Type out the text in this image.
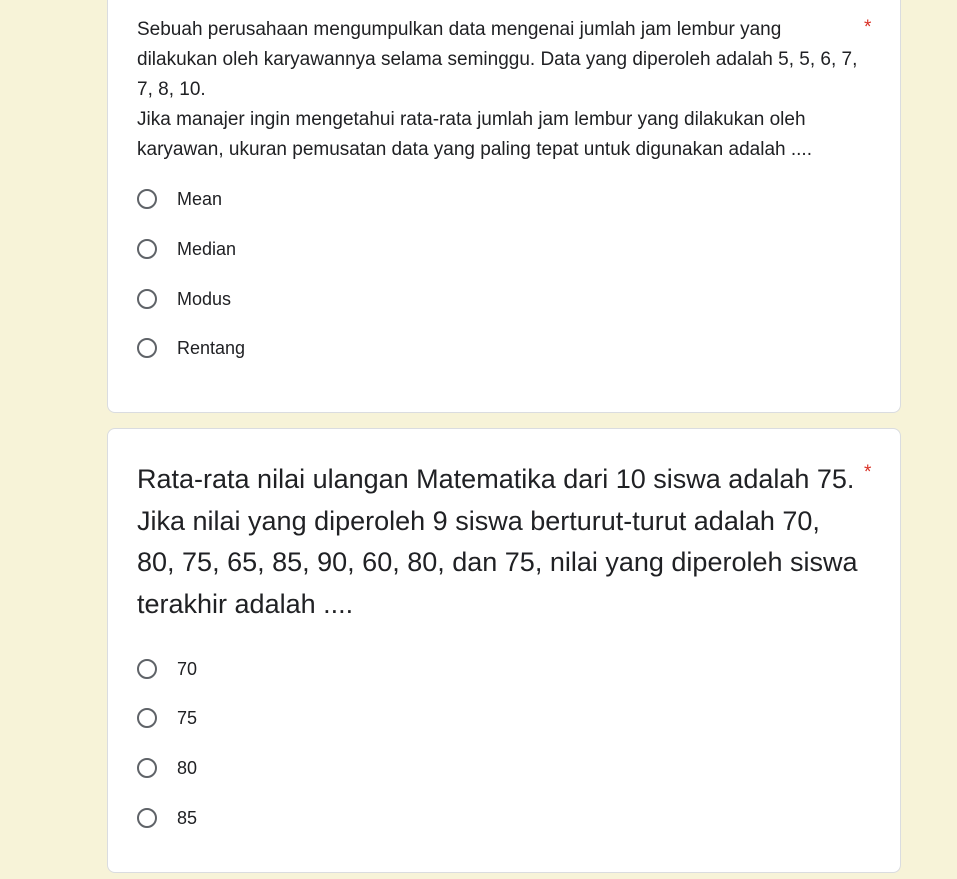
Sebuah perusahaan mengumpulkan data mengenai jumlah jam lembur yang dilakukan oleh karyawannya selama seminggu. Data yang diperoleh adalah 5, 5, 6, 7, 7, 8, 10.

Jika manajer ingin mengetahui rata-rata jumlah jam lembur yang dilakukan oleh karyawan, ukuran pemusatan data yang paling tepat untuk digunakan adalah ....

*
Mean
Median
Modus
Rentang

Rata-rata nilai ulangan Matematika dari 10 siswa adalah 75. Jika nilai yang diperoleh 9 siswa berturut-turut adalah 70, 80, 75, 65, 85, 90, 60, 80, dan 75, nilai yang diperoleh siswa terakhir adalah ....

*
70
75
80
85
